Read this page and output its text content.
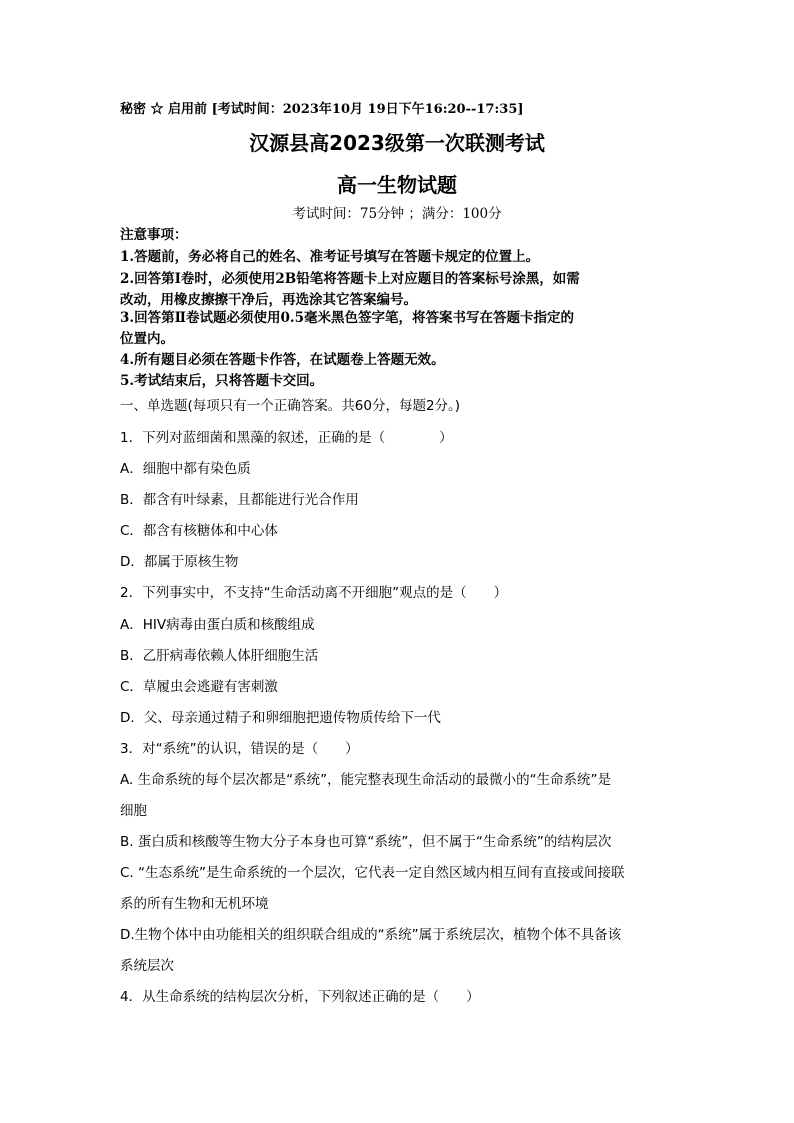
秘密 ☆ 启用前 [考试时间：2023年10月 19日下午16:20--17:35]
汉源县高2023级第一次联测考试
高一生物试题
考试时间：75分钟 ；满分：100分
注意事项：
1.答题前，务必将自己的姓名、准考证号填写在答题卡规定的位置上。
2.回答第Ⅰ卷时，必须使用2B铅笔将答题卡上对应题目的答案标号涂黑，如需
改动，用橡皮擦擦干净后，再选涂其它答案编号。
3.回答第Ⅱ卷试题必须使用0.5毫米黑色签字笔，将答案书写在答题卡指定的
位置内。
4.所有题目必须在答题卡作答，在试题卷上答题无效。
5.考试结束后，只将答题卡交回。
一、单选题(每项只有一个正确答案。共60分，每题2分。)
1．下列对蓝细菌和黑藻的叙述，正确的是（　　　　）
A．细胞中都有染色质
B．都含有叶绿素，且都能进行光合作用
C．都含有核糖体和中心体
D．都属于原核生物
2．下列事实中，不支持“生命活动离不开细胞”观点的是（　　）
A．HIV病毒由蛋白质和核酸组成
B．乙肝病毒依赖人体肝细胞生活
C．草履虫会逃避有害刺激
D．父、母亲通过精子和卵细胞把遗传物质传给下一代
3．对“系统”的认识，错误的是（　　）
A. 生命系统的每个层次都是“系统”，能完整表现生命活动的最微小的“生命系统”是
细胞
B. 蛋白质和核酸等生物大分子本身也可算“系统”，但不属于“生命系统”的结构层次
C. “生态系统”是生命系统的一个层次，它代表一定自然区域内相互间有直接或间接联
系的所有生物和无机环境
D.生物个体中由功能相关的组织联合组成的“系统”属于系统层次，植物个体不具备该
系统层次
4．从生命系统的结构层次分析，下列叙述正确的是（　　）
